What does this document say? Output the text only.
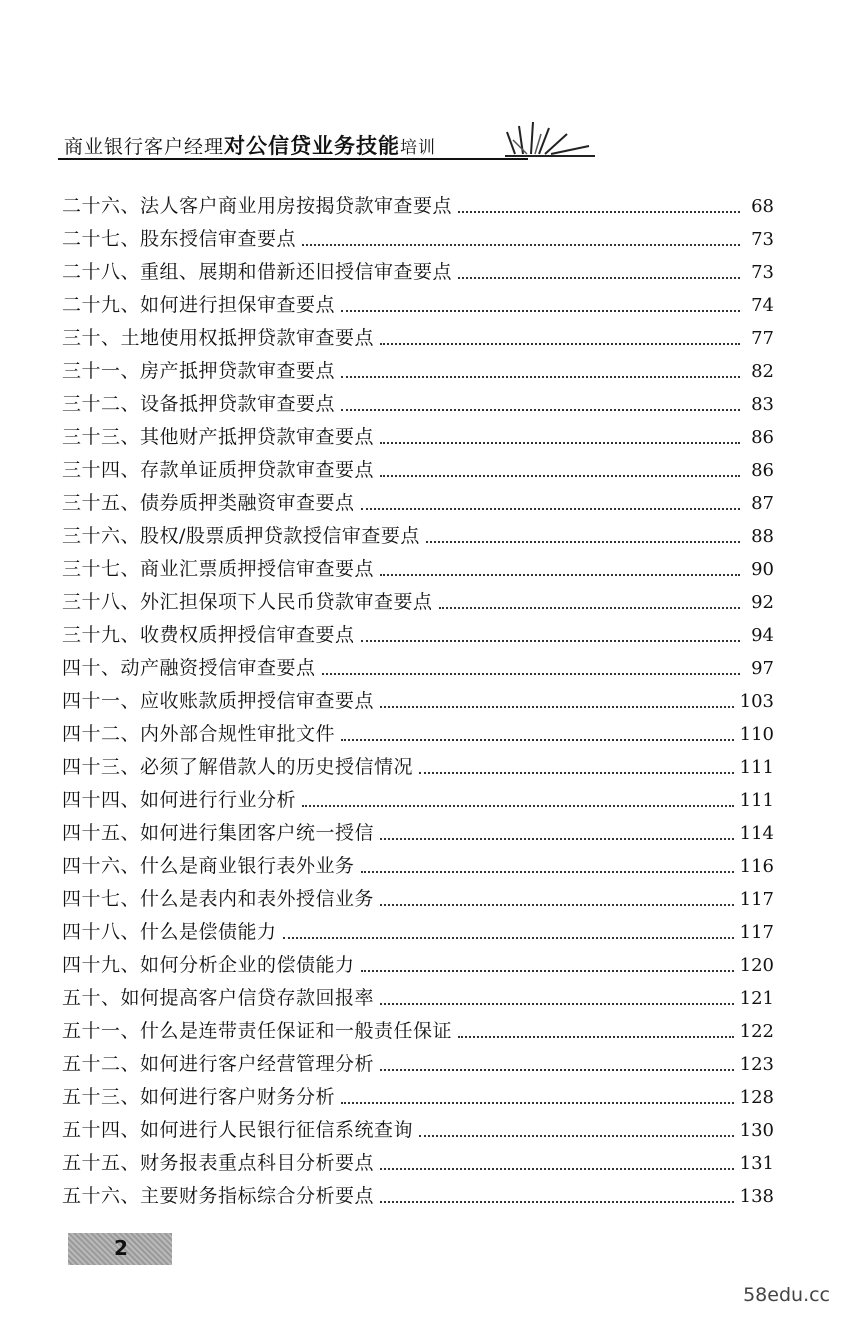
商业银行客户经理对公信贷业务技能培训
二十六、法人客户商业用房按揭贷款审查要点	68
二十七、股东授信审查要点	73
二十八、重组、展期和借新还旧授信审查要点	73
二十九、如何进行担保审查要点	74
三十、土地使用权抵押贷款审查要点	77
三十一、房产抵押贷款审查要点	82
三十二、设备抵押贷款审查要点	83
三十三、其他财产抵押贷款审查要点	86
三十四、存款单证质押贷款审查要点	86
三十五、债券质押类融资审查要点	87
三十六、股权/股票质押贷款授信审查要点	88
三十七、商业汇票质押授信审查要点	90
三十八、外汇担保项下人民币贷款审查要点	92
三十九、收费权质押授信审查要点	94
四十、动产融资授信审查要点	97
四十一、应收账款质押授信审查要点	103
四十二、内外部合规性审批文件	110
四十三、必须了解借款人的历史授信情况	111
四十四、如何进行行业分析	111
四十五、如何进行集团客户统一授信	114
四十六、什么是商业银行表外业务	116
四十七、什么是表内和表外授信业务	117
四十八、什么是偿债能力	117
四十九、如何分析企业的偿债能力	120
五十、如何提高客户信贷存款回报率	121
五十一、什么是连带责任保证和一般责任保证	122
五十二、如何进行客户经营管理分析	123
五十三、如何进行客户财务分析	128
五十四、如何进行人民银行征信系统查询	130
五十五、财务报表重点科目分析要点	131
五十六、主要财务指标综合分析要点	138
2
58edu.cc
